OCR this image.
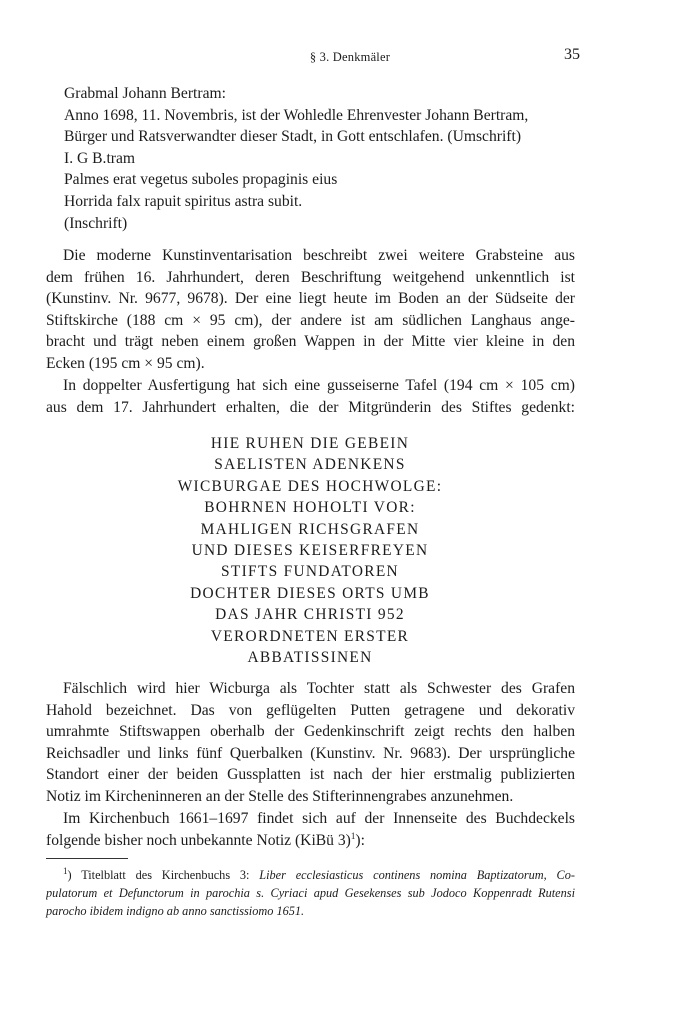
§ 3. Denkmäler	35
Grabmal Johann Bertram:
Anno 1698, 11. Novembris, ist der Wohledle Ehrenvester Johann Bertram,
Bürger und Ratsverwandter dieser Stadt, in Gott entschlafen. (Umschrift)
I. G B.tram
Palmes erat vegetus suboles propaginis eius
Horrida falx rapuit spiritus astra subit.
(Inschrift)
Die moderne Kunstinventarisation beschreibt zwei weitere Grabsteine aus
dem frühen 16. Jahrhundert, deren Beschriftung weitgehend unkenntlich ist
(Kunstinv. Nr. 9677, 9678). Der eine liegt heute im Boden an der Südseite der
Stiftskirche (188 cm × 95 cm), der andere ist am südlichen Langhaus ange-
bracht und trägt neben einem großen Wappen in der Mitte vier kleine in den
Ecken (195 cm × 95 cm).
In doppelter Ausfertigung hat sich eine gusseiserne Tafel (194 cm × 105 cm)
aus dem 17. Jahrhundert erhalten, die der Mitgründerin des Stiftes gedenkt:
HIE RUHEN DIE GEBEIN
SAELISTEN ADENKENS
WICBURGAE DES HOCHWOLGE:
BOHRNEN HOHOLTI VOR:
MAHLIGEN RICHSGRAFEN
UND DIESES KEISERFREYEN
STIFTS FUNDATOREN
DOCHTER DIESES ORTS UMB
DAS JAHR CHRISTI 952
VERORDNETEN ERSTER
ABBATISSINEN
Fälschlich wird hier Wicburga als Tochter statt als Schwester des Grafen
Hahold bezeichnet. Das von geflügelten Putten getragene und dekorativ
umrahmte Stiftswappen oberhalb der Gedenkinschrift zeigt rechts den halben
Reichsadler und links fünf Querbalken (Kunstinv. Nr. 9683). Der ursprüngliche
Standort einer der beiden Gussplatten ist nach der hier erstmalig publizierten
Notiz im Kircheninneren an der Stelle des Stifterinnengrabes anzunehmen.
Im Kirchenbuch 1661–1697 findet sich auf der Innenseite des Buchdeckels
folgende bisher noch unbekannte Notiz (KiBü 3)$^1$):
$^1$) Titelblatt des Kirchenbuchs 3: Liber ecclesiasticus continens nomina Baptizatorum, Co-
pulatorum et Defunctorum in parochia s. Cyriaci apud Gesekenses sub Jodoco Koppenradt Rutensi
parocho ibidem indigno ab anno sanctissiomo 1651.
